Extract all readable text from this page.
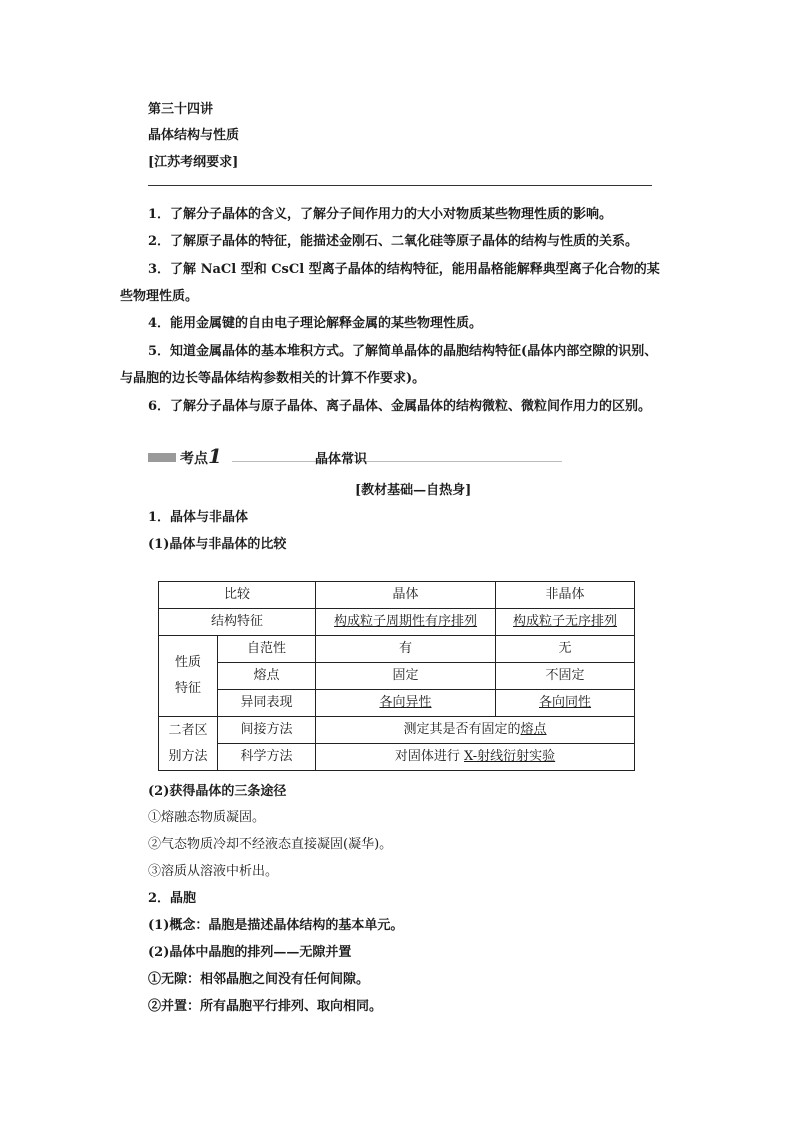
第三十四讲
晶体结构与性质
[江苏考纲要求]
1．了解分子晶体的含义，了解分子间作用力的大小对物质某些物理性质的影响。
2．了解原子晶体的特征，能描述金刚石、二氧化硅等原子晶体的结构与性质的关系。
3．了解 NaCl 型和 CsCl 型离子晶体的结构特征，能用晶格能解释典型离子化合物的某
些物理性质。
4．能用金属键的自由电子理论解释金属的某些物理性质。
5．知道金属晶体的基本堆积方式。了解简单晶体的晶胞结构特征(晶体内部空隙的识别、
与晶胞的边长等晶体结构参数相关的计算不作要求)。
6．了解分子晶体与原子晶体、离子晶体、金属晶体的结构微粒、微粒间作用力的区别。
考点1	晶体常识
[教材基础—自热身]
1．晶体与非晶体
(1)晶体与非晶体的比较
比较		晶体	非晶体
结构特征		构成粒子周期性有序排列	构成粒子无序排列
性质
特征	自范性	有	无
	熔点	固定	不固定
	异同表现	各向异性	各向同性
二者区
别方法	间接方法	测定其是否有固定的熔点	
	科学方法	对固体进行 X-射线衍射实验	
(2)获得晶体的三条途径
①熔融态物质凝固。
②气态物质冷却不经液态直接凝固(凝华)。
③溶质从溶液中析出。
2．晶胞
(1)概念：晶胞是描述晶体结构的基本单元。
(2)晶体中晶胞的排列——无隙并置
①无隙：相邻晶胞之间没有任何间隙。
②并置：所有晶胞平行排列、取向相同。
